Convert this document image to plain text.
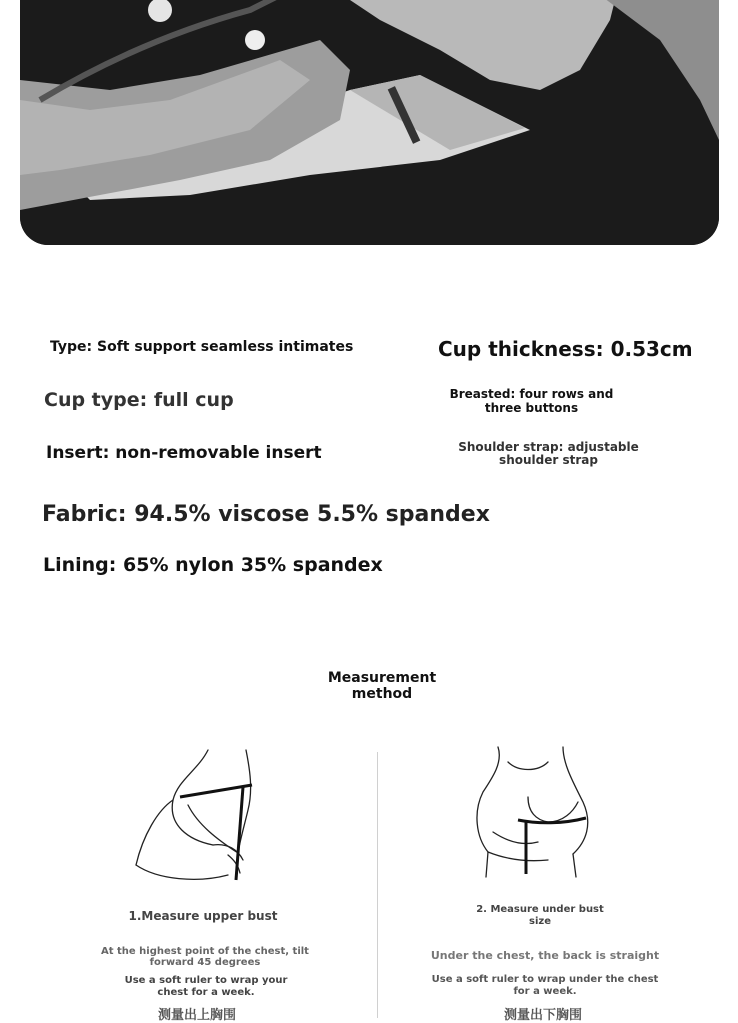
Type: Soft support seamless intimates	Cup thickness: 0.53cm
Cup type: full cup	Breasted: four rows and three buttons
Insert: non-removable insert	Shoulder strap: adjustable shoulder strap
Fabric: 94.5% viscose 5.5% spandex
Lining: 65% nylon 35% spandex
Measurement method
1.Measure upper bust
At the highest point of the chest, tilt forward 45 degrees
Use a soft ruler to wrap your chest for a week.
测量出上胸围
2. Measure under bust size
Under the chest, the back is straight
Use a soft ruler to wrap under the chest for a week.
测量出下胸围
